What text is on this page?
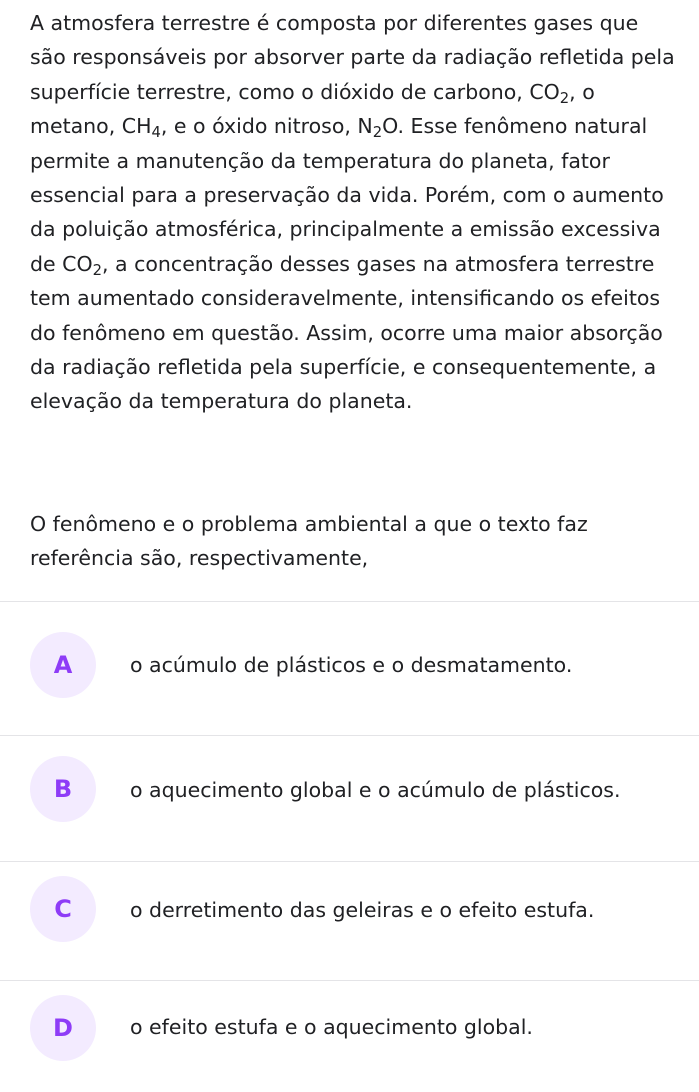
A atmosfera terrestre é composta por diferentes gases que são responsáveis por absorver parte da radiação refletida pela superfície terrestre, como o dióxido de carbono, $CO_2$, o metano, $CH_4$, e o óxido nitroso, $N_2O$. Esse fenômeno natural permite a manutenção da temperatura do planeta, fator essencial para a preservação da vida. Porém, com o aumento da poluição atmosférica, principalmente a emissão excessiva de $CO_2$, a concentração desses gases na atmosfera terrestre tem aumentado consideravelmente, intensificando os efeitos do fenômeno em questão. Assim, ocorre uma maior absorção da radiação refletida pela superfície, e consequentemente, a elevação da temperatura do planeta.

O fenômeno e o problema ambiental a que o texto faz referência são, respectivamente,

A	o acúmulo de plásticos e o desmatamento.
B	o aquecimento global e o acúmulo de plásticos.
C	o derretimento das geleiras e o efeito estufa.
D	o efeito estufa e o aquecimento global.
